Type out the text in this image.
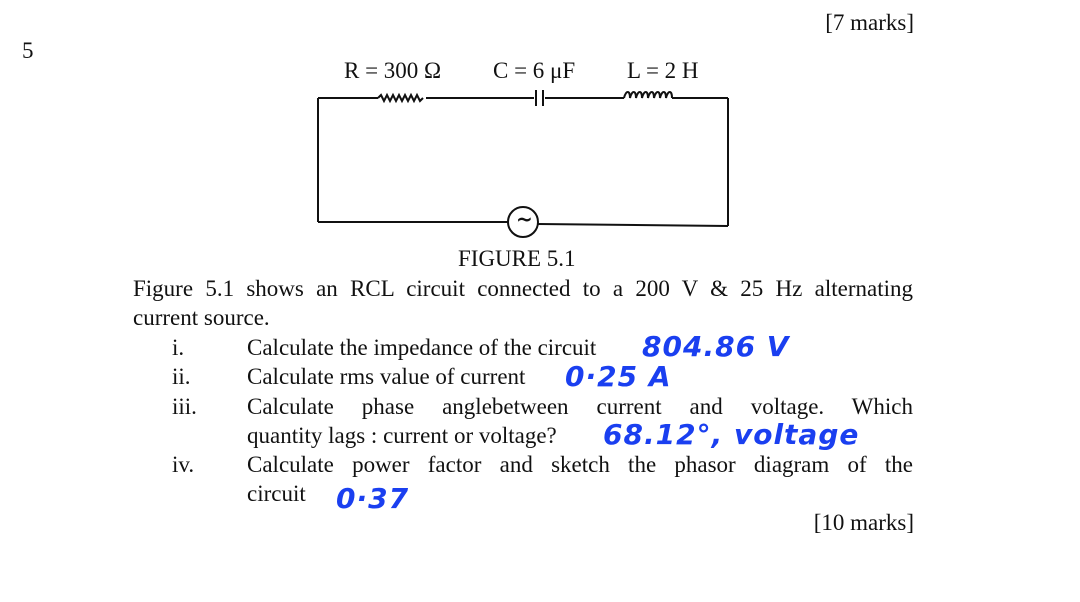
[7 marks]
5
R = 300 Ω C = 6 μF L = 2 H
~
FIGURE 5.1
Figure 5.1 shows an RCL circuit connected to a 200 V & 25 Hz alternating
current source.
i.	Calculate the impedance of the circuit 804.86 V
ii. Calculate rms value of current 0·25 A
iii. Calculate phase anglebetween current and voltage. Which
quantity lags : current or voltage? 68.12°, voltage
iv. Calculate power factor and sketch the phasor diagram of the
circuit 0·37
[10 marks]
